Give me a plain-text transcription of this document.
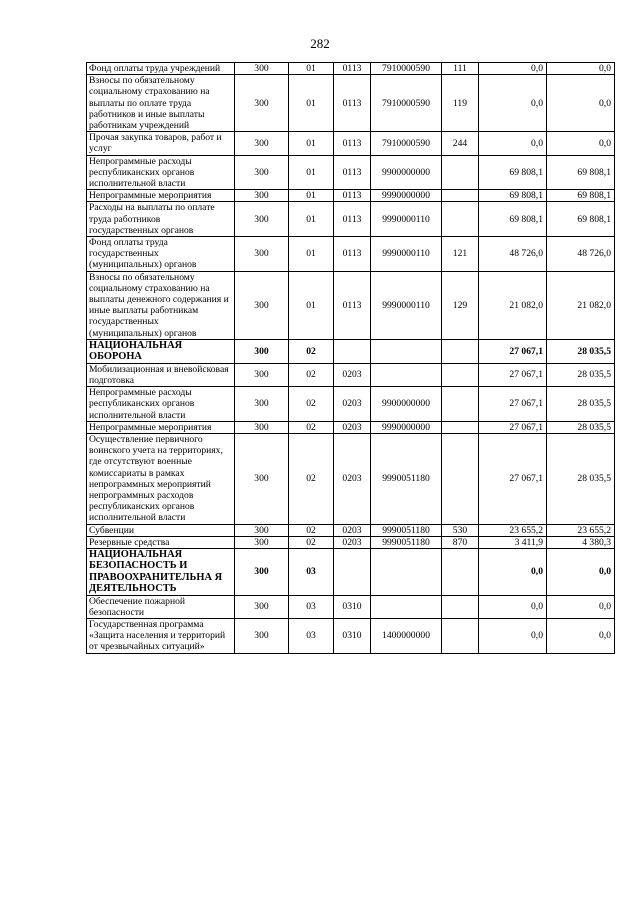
282
Фонд оплаты труда учреждений	300	01	0113	7910000590	111	0,0	0,0
Взносы по обязательному социальному страхованию на выплаты по оплате труда работников и иные выплаты работникам учреждений	300	01	0113	7910000590	119	0,0	0,0
Прочая закупка товаров, работ и услуг	300	01	0113	7910000590	244	0,0	0,0
Непрограммные расходы республиканских органов исполнительной власти	300	01	0113	9900000000		69 808,1	69 808,1
Непрограммные мероприятия	300	01	0113	9990000000		69 808,1	69 808,1
Расходы на выплаты по оплате труда работников государственных органов	300	01	0113	9990000110		69 808,1	69 808,1
Фонд оплаты труда государственных (муниципальных) органов	300	01	0113	9990000110	121	48 726,0	48 726,0
Взносы по обязательному социальному страхованию на выплаты денежного содержания и иные выплаты работникам государственных (муниципальных) органов	300	01	0113	9990000110	129	21 082,0	21 082,0
НАЦИОНАЛЬНАЯ ОБОРОНА	300	02				27 067,1	28 035,5
Мобилизационная и вневойсковая подготовка	300	02	0203			27 067,1	28 035,5
Непрограммные расходы республиканских органов исполнительной власти	300	02	0203	9900000000		27 067,1	28 035,5
Непрограммные мероприятия	300	02	0203	9990000000		27 067,1	28 035,5
Осуществление первичного воинского учета на территориях, где отсутствуют военные комиссариаты в рамках непрограммных мероприятий непрограммных расходов республиканских органов исполнительной власти	300	02	0203	9990051180		27 067,1	28 035,5
Субвенции	300	02	0203	9990051180	530	23 655,2	23 655,2
Резервные средства	300	02	0203	9990051180	870	3 411,9	4 380,3
НАЦИОНАЛЬНАЯ БЕЗОПАСНОСТЬ И ПРАВООХРАНИТЕЛЬНА Я ДЕЯТЕЛЬНОСТЬ	300	03				0,0	0,0
Обеспечение пожарной безопасности	300	03	0310			0,0	0,0
Государственная программа «Защита населения и территорий от чрезвычайных ситуаций»	300	03	0310	1400000000		0,0	0,0
